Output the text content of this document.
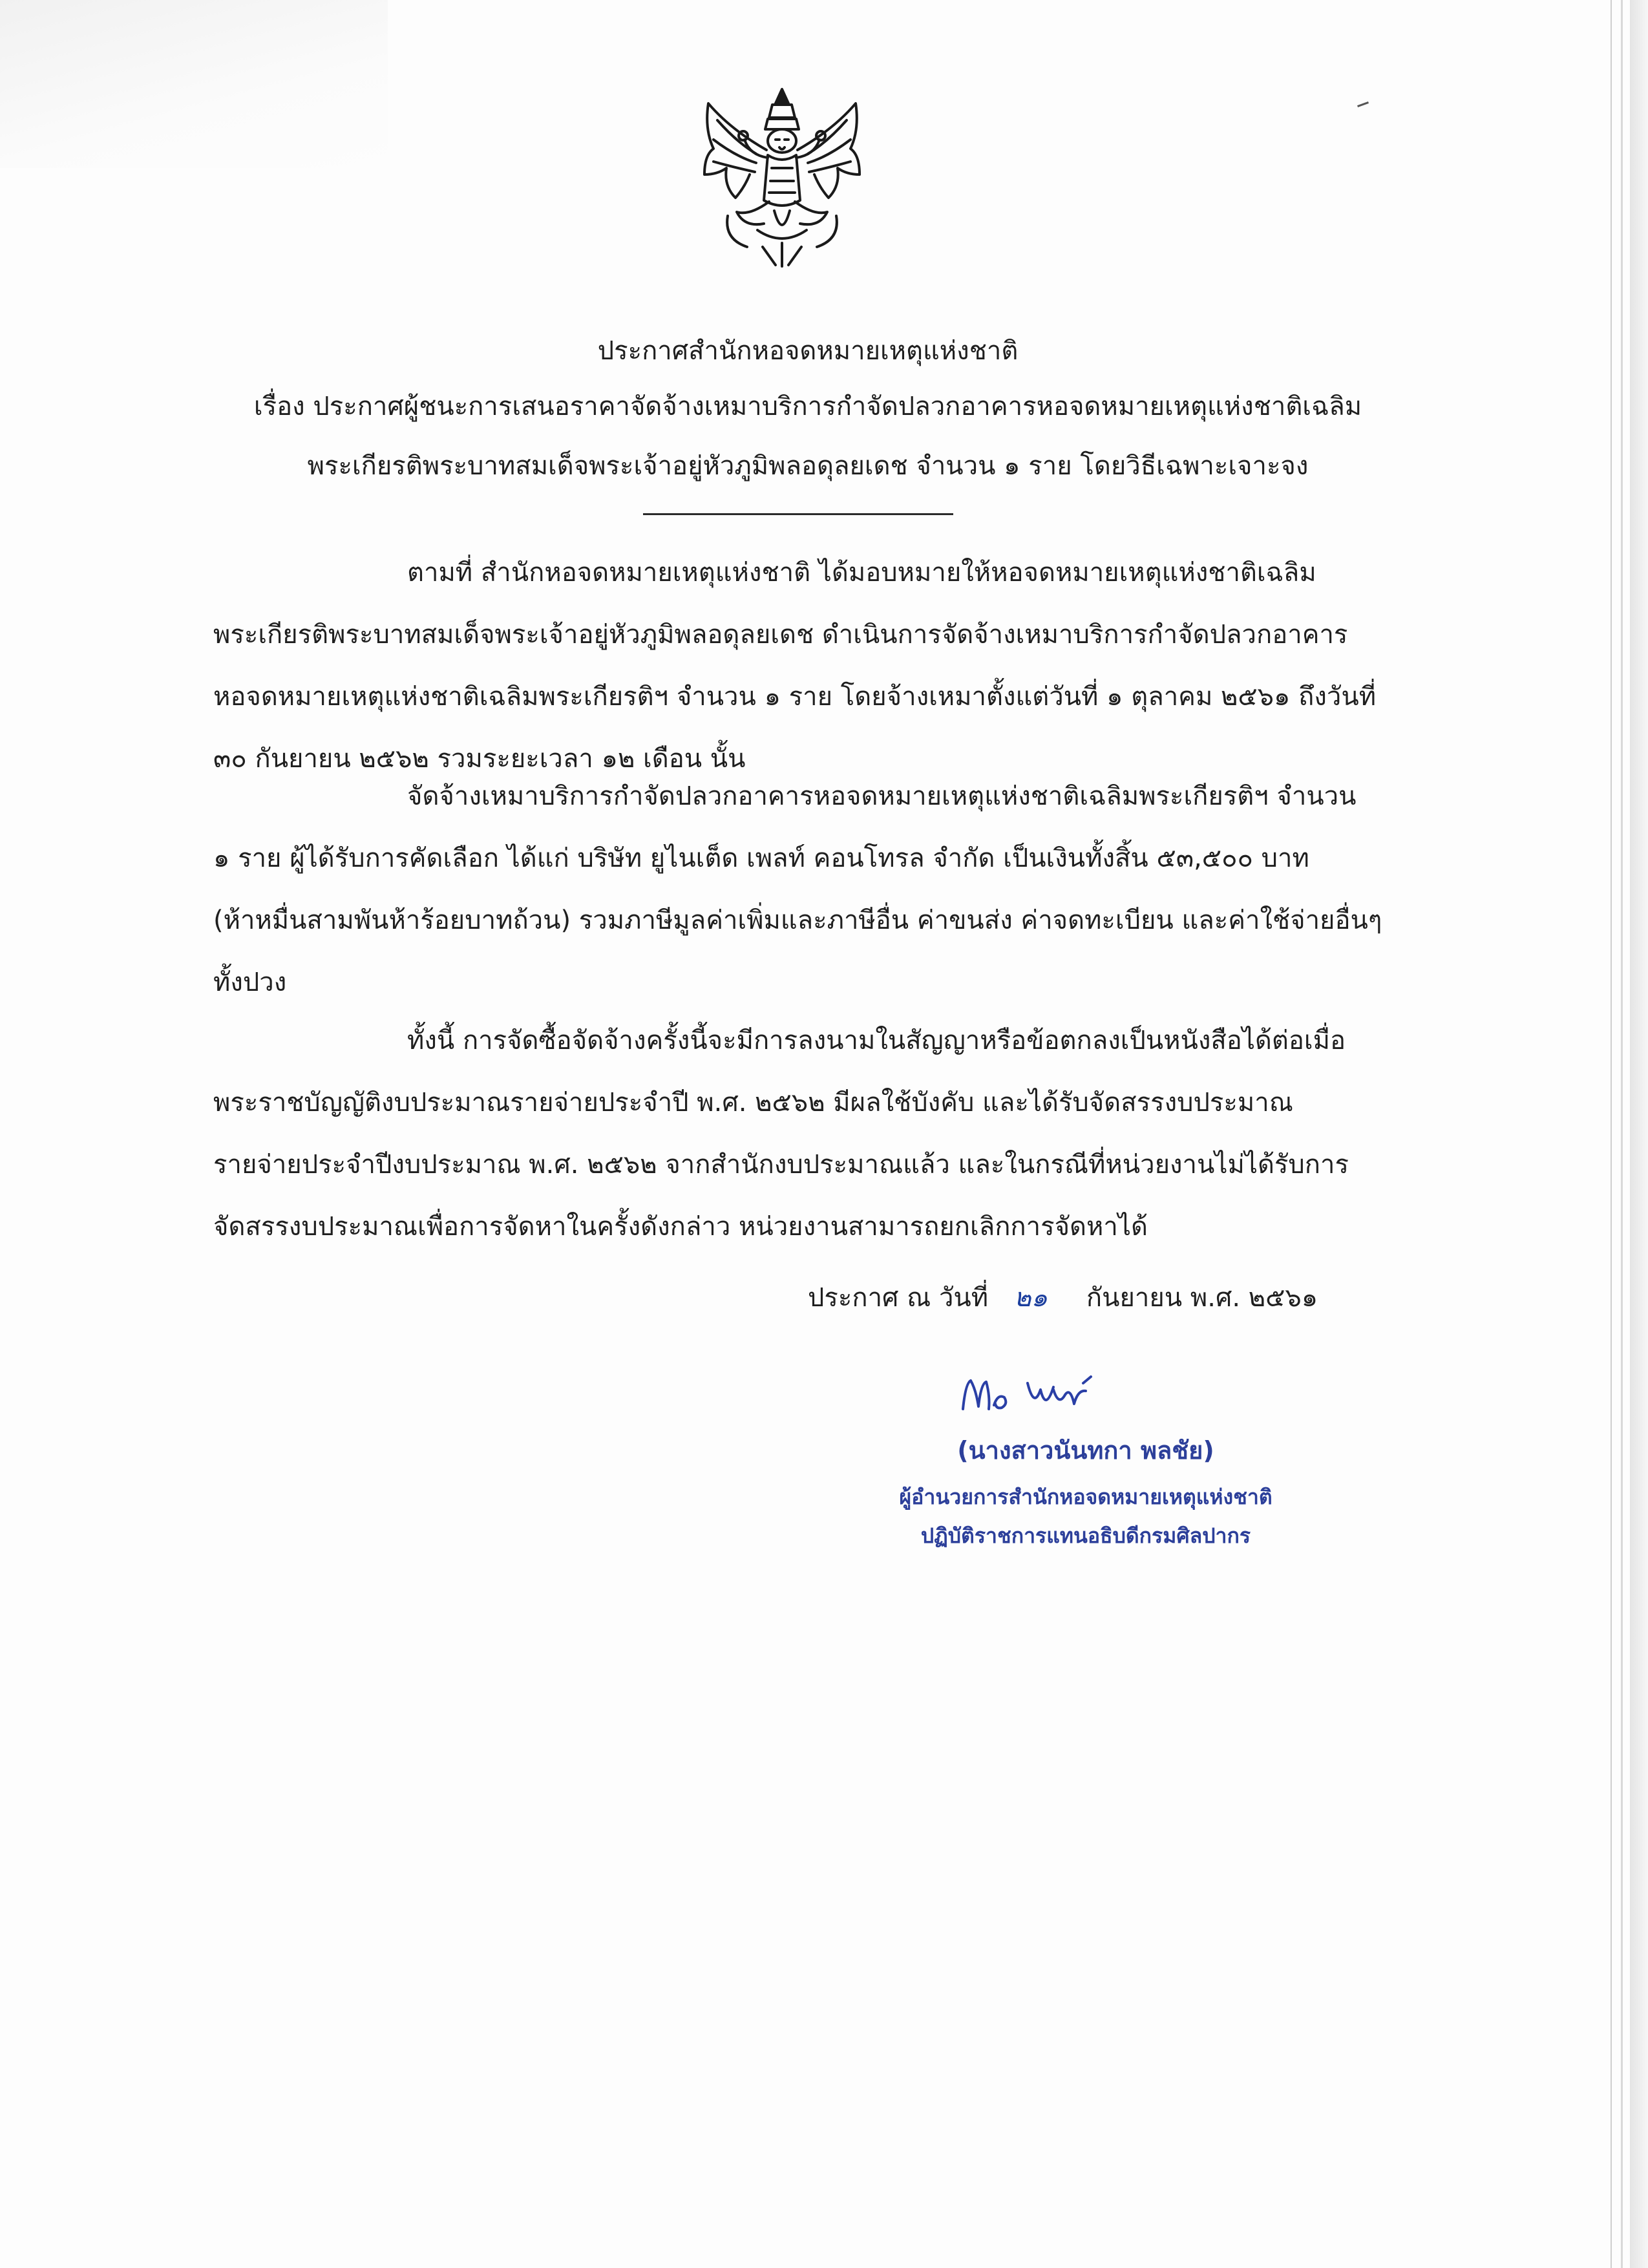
ประกาศสำนักหอจดหมายเหตุแห่งชาติ
เรื่อง ประกาศผู้ชนะการเสนอราคาจัดจ้างเหมาบริการกำจัดปลวกอาคารหอจดหมายเหตุแห่งชาติเฉลิม
พระเกียรติพระบาทสมเด็จพระเจ้าอยู่หัวภูมิพลอดุลยเดช จำนวน ๑ ราย โดยวิธีเฉพาะเจาะจง
ตามที่ สำนักหอจดหมายเหตุแห่งชาติ ได้มอบหมายให้หอจดหมายเหตุแห่งชาติเฉลิม
พระเกียรติพระบาทสมเด็จพระเจ้าอยู่หัวภูมิพลอดุลยเดช ดำเนินการจัดจ้างเหมาบริการกำจัดปลวกอาคาร
หอจดหมายเหตุแห่งชาติเฉลิมพระเกียรติฯ จำนวน ๑ ราย โดยจ้างเหมาตั้งแต่วันที่ ๑ ตุลาคม ๒๕๖๑ ถึงวันที่
๓๐ กันยายน ๒๕๖๒ รวมระยะเวลา ๑๒ เดือน นั้น
จัดจ้างเหมาบริการกำจัดปลวกอาคารหอจดหมายเหตุแห่งชาติเฉลิมพระเกียรติฯ จำนวน
๑ ราย ผู้ได้รับการคัดเลือก ได้แก่ บริษัท ยูไนเต็ด เพลท์ คอนโทรล จำกัด เป็นเงินทั้งสิ้น ๕๓,๕๐๐ บาท
(ห้าหมื่นสามพันห้าร้อยบาทถ้วน) รวมภาษีมูลค่าเพิ่มและภาษีอื่น ค่าขนส่ง ค่าจดทะเบียน และค่าใช้จ่ายอื่นๆ
ทั้งปวง
ทั้งนี้ การจัดซื้อจัดจ้างครั้งนี้จะมีการลงนามในสัญญาหรือข้อตกลงเป็นหนังสือได้ต่อเมื่อ
พระราชบัญญัติงบประมาณรายจ่ายประจำปี พ.ศ. ๒๕๖๒ มีผลใช้บังคับ และได้รับจัดสรรงบประมาณ
รายจ่ายประจำปีงบประมาณ พ.ศ. ๒๕๖๒ จากสำนักงบประมาณแล้ว และในกรณีที่หน่วยงานไม่ได้รับการ
จัดสรรงบประมาณเพื่อการจัดหาในครั้งดังกล่าว หน่วยงานสามารถยกเลิกการจัดหาได้
ประกาศ ณ วันที่ ๒๑ กันยายน พ.ศ. ๒๕๖๑
(นางสาวนันทกา พลชัย)
ผู้อำนวยการสำนักหอจดหมายเหตุแห่งชาติ
ปฏิบัติราชการแทนอธิบดีกรมศิลปากร
